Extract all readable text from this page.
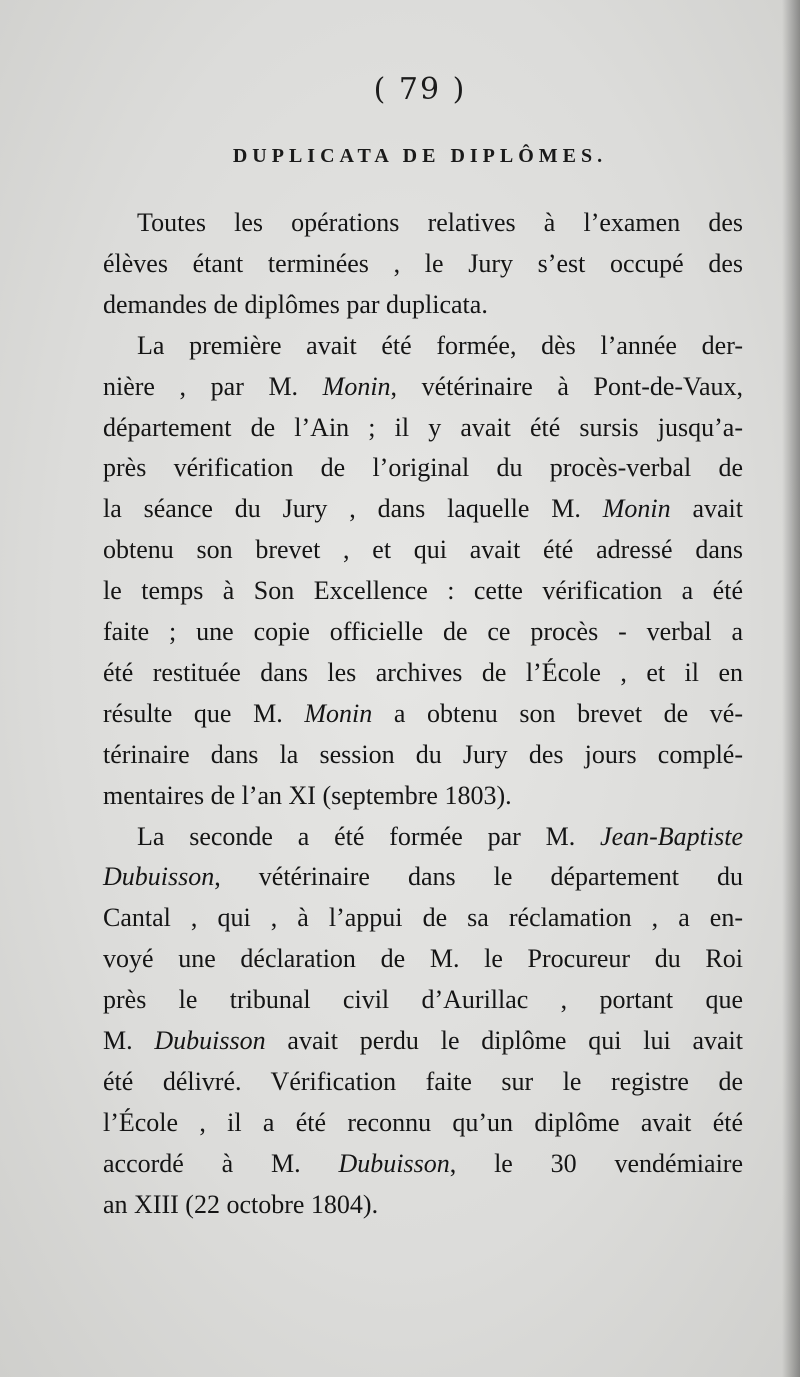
( 79 )
DUPLICATA DE DIPLÔMES.
Toutes les opérations relatives à l’examen des
élèves étant terminées , le Jury s’est occupé des
demandes de diplômes par duplicata.
La première avait été formée, dès l’année der-
nière , par M. Monin, vétérinaire à Pont-de-Vaux,
département de l’Ain ; il y avait été sursis jusqu’a-
près vérification de l’original du procès-verbal de
la séance du Jury , dans laquelle M. Monin avait
obtenu son brevet , et qui avait été adressé dans
le temps à Son Excellence : cette vérification a été
faite ; une copie officielle de ce procès - verbal a
été restituée dans les archives de l’École , et il en
résulte que M. Monin a obtenu son brevet de vé-
térinaire dans la session du Jury des jours complé-
mentaires de l’an XI (septembre 1803).
La seconde a été formée par M. Jean-Baptiste
Dubuisson, vétérinaire dans le département du
Cantal , qui , à l’appui de sa réclamation , a en-
voyé une déclaration de M. le Procureur du Roi
près le tribunal civil d’Aurillac , portant que
M. Dubuisson avait perdu le diplôme qui lui avait
été délivré. Vérification faite sur le registre de
l’École , il a été reconnu qu’un diplôme avait été
accordé à M. Dubuisson, le 30 vendémiaire
an XIII (22 octobre 1804).
